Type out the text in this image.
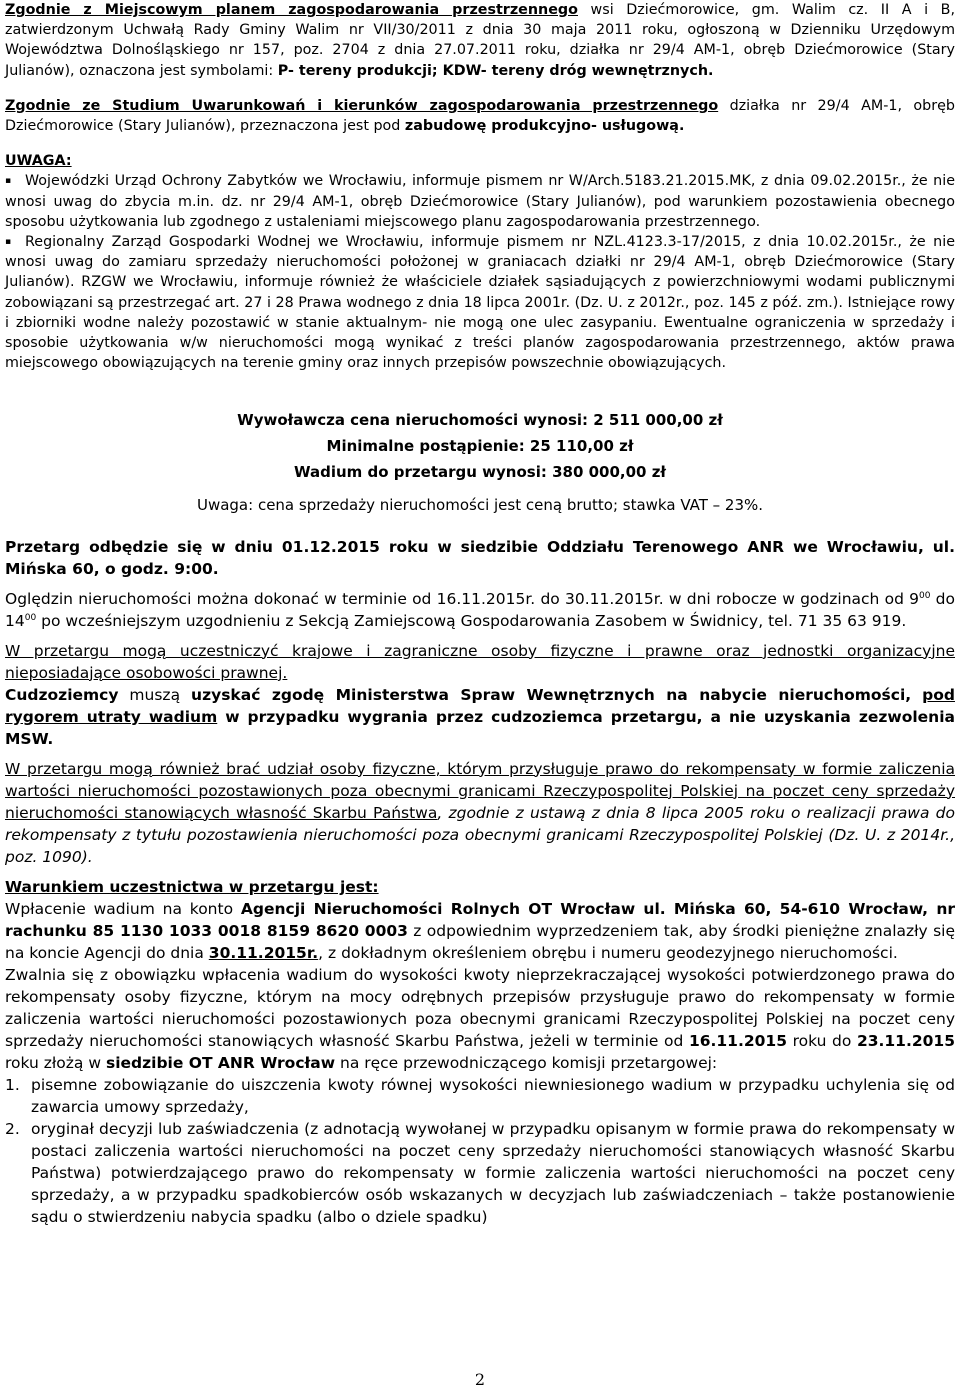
Zgodnie z Miejscowym planem zagospodarowania przestrzennego wsi Dziećmorowice, gm. Walim cz. II A i B, zatwierdzonym Uchwałą Rady Gminy Walim nr VII/30/2011 z dnia 30 maja 2011 roku, ogłoszoną w Dzienniku Urzędowym Województwa Dolnośląskiego nr 157, poz. 2704 z dnia 27.07.2011 roku, działka nr 29/4 AM-1, obręb Dziećmorowice (Stary Julianów), oznaczona jest symbolami: P- tereny produkcji; KDW- tereny dróg wewnętrznych.

Zgodnie ze Studium Uwarunkowań i kierunków zagospodarowania przestrzennego działka nr 29/4 AM-1, obręb Dziećmorowice (Stary Julianów), przeznaczona jest pod zabudowę produkcyjno- usługową.

UWAGA:

▪ Wojewódzki Urząd Ochrony Zabytków we Wrocławiu, informuje pismem nr W/Arch.5183.21.2015.MK, z dnia 09.02.2015r., że nie wnosi uwag do zbycia m.in. dz. nr 29/4 AM-1, obręb Dziećmorowice (Stary Julianów), pod warunkiem pozostawienia obecnego sposobu użytkowania lub zgodnego z ustaleniami miejscowego planu zagospodarowania przestrzennego.

▪ Regionalny Zarząd Gospodarki Wodnej we Wrocławiu, informuje pismem nr NZL.4123.3-17/2015, z dnia 10.02.2015r., że nie wnosi uwag do zamiaru sprzedaży nieruchomości położonej w graniacach działki nr 29/4 AM-1, obręb Dziećmorowice (Stary Julianów). RZGW we Wrocławiu, informuje również że właściciele działek sąsiadujących z powierzchniowymi wodami publicznymi zobowiązani są przestrzegać art. 27 i 28 Prawa wodnego z dnia 18 lipca 2001r. (Dz. U. z 2012r., poz. 145 z póź. zm.). Istniejące rowy i zbiorniki wodne należy pozostawić w stanie aktualnym- nie mogą one ulec zasypaniu. Ewentualne ograniczenia w sprzedaży i sposobie użytkowania w/w nieruchomości mogą wynikać z treści planów zagospodarowania przestrzennego, aktów prawa miejscowego obowiązujących na terenie gminy oraz innych przepisów powszechnie obowiązujących.

Wywoławcza cena nieruchomości wynosi: 2 511 000,00 zł
Minimalne postąpienie: 25 110,00 zł
Wadium do przetargu wynosi: 380 000,00 zł
Uwaga: cena sprzedaży nieruchomości jest ceną brutto; stawka VAT – 23%.

Przetarg odbędzie się w dniu 01.12.2015 roku w siedzibie Oddziału Terenowego ANR we Wrocławiu, ul. Mińska 60, o godz. 9:00.

Oględzin nieruchomości można dokonać w terminie od 16.11.2015r. do 30.11.2015r. w dni robocze w godzinach od $9^{00}$ do $14^{00}$ po wcześniejszym uzgodnieniu z Sekcją Zamiejscową Gospodarowania Zasobem w Świdnicy, tel. 71 35 63 919.

W przetargu mogą uczestniczyć krajowe i zagraniczne osoby fizyczne i prawne oraz jednostki organizacyjne nieposiadające osobowości prawnej.

Cudzoziemcy muszą uzyskać zgodę Ministerstwa Spraw Wewnętrznych na nabycie nieruchomości, pod rygorem utraty wadium w przypadku wygrania przez cudzoziemca przetargu, a nie uzyskania zezwolenia MSW.

W przetargu mogą również brać udział osoby fizyczne, którym przysługuje prawo do rekompensaty w formie zaliczenia wartości nieruchomości pozostawionych poza obecnymi granicami Rzeczypospolitej Polskiej na poczet ceny sprzedaży nieruchomości stanowiących własność Skarbu Państwa, zgodnie z ustawą z dnia 8 lipca 2005 roku o realizacji prawa do rekompensaty z tytułu pozostawienia nieruchomości poza obecnymi granicami Rzeczypospolitej Polskiej (Dz. U. z 2014r., poz. 1090).

Warunkiem uczestnictwa w przetargu jest:

Wpłacenie wadium na konto Agencji Nieruchomości Rolnych OT Wrocław ul. Mińska 60, 54-610 Wrocław, nr rachunku 85 1130 1033 0018 8159 8620 0003 z odpowiednim wyprzedzeniem tak, aby środki pieniężne znalazły się na koncie Agencji do dnia 30.11.2015r., z dokładnym określeniem obrębu i numeru geodezyjnego nieruchomości.

Zwalnia się z obowiązku wpłacenia wadium do wysokości kwoty nieprzekraczającej wysokości potwierdzonego prawa do rekompensaty osoby fizyczne, którym na mocy odrębnych przepisów przysługuje prawo do rekompensaty w formie zaliczenia wartości nieruchomości pozostawionych poza obecnymi granicami Rzeczypospolitej Polskiej na poczet ceny sprzedaży nieruchomości stanowiących własność Skarbu Państwa, jeżeli w terminie od 16.11.2015 roku do 23.11.2015 roku złożą w siedzibie OT ANR Wrocław na ręce przewodniczącego komisji przetargowej:

1. pisemne zobowiązanie do uiszczenia kwoty równej wysokości niewniesionego wadium w przypadku uchylenia się od zawarcia umowy sprzedaży,
2. oryginał decyzji lub zaświadczenia (z adnotacją wywołanej w przypadku opisanym w formie prawa do rekompensaty w postaci zaliczenia wartości nieruchomości na poczet ceny sprzedaży nieruchomości stanowiących własność Skarbu Państwa) potwierdzającego prawo do rekompensaty w formie zaliczenia wartości nieruchomości na poczet ceny sprzedaży, a w przypadku spadkobierców osób wskazanych w decyzjach lub zaświadczeniach – także postanowienie sądu o stwierdzeniu nabycia spadku (albo o dziele spadku)
2
